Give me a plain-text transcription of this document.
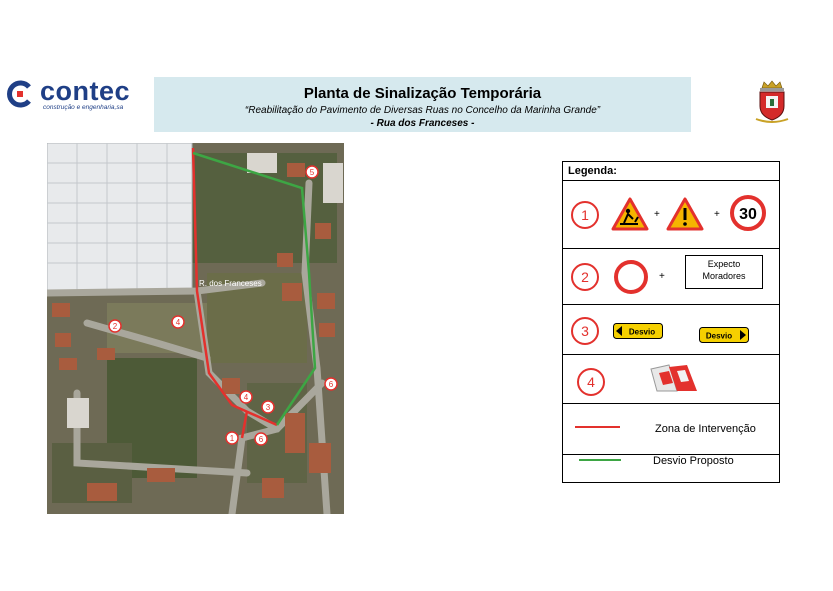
contec
construção e engenharia,sa
Planta de Sinalização Temporária
“Reabilitação do Pavimento de Diversas Ruas no Concelho da Marinha Grande”
- Rua dos Franceses -
R. dos Franceses
1
2
3
4
4
5
6
6
Legenda:
1	+	+ 30
2	+
Expecto
Moradores
3	Desvio	Desvio
4
Zona de Intervenção
Desvio Proposto
